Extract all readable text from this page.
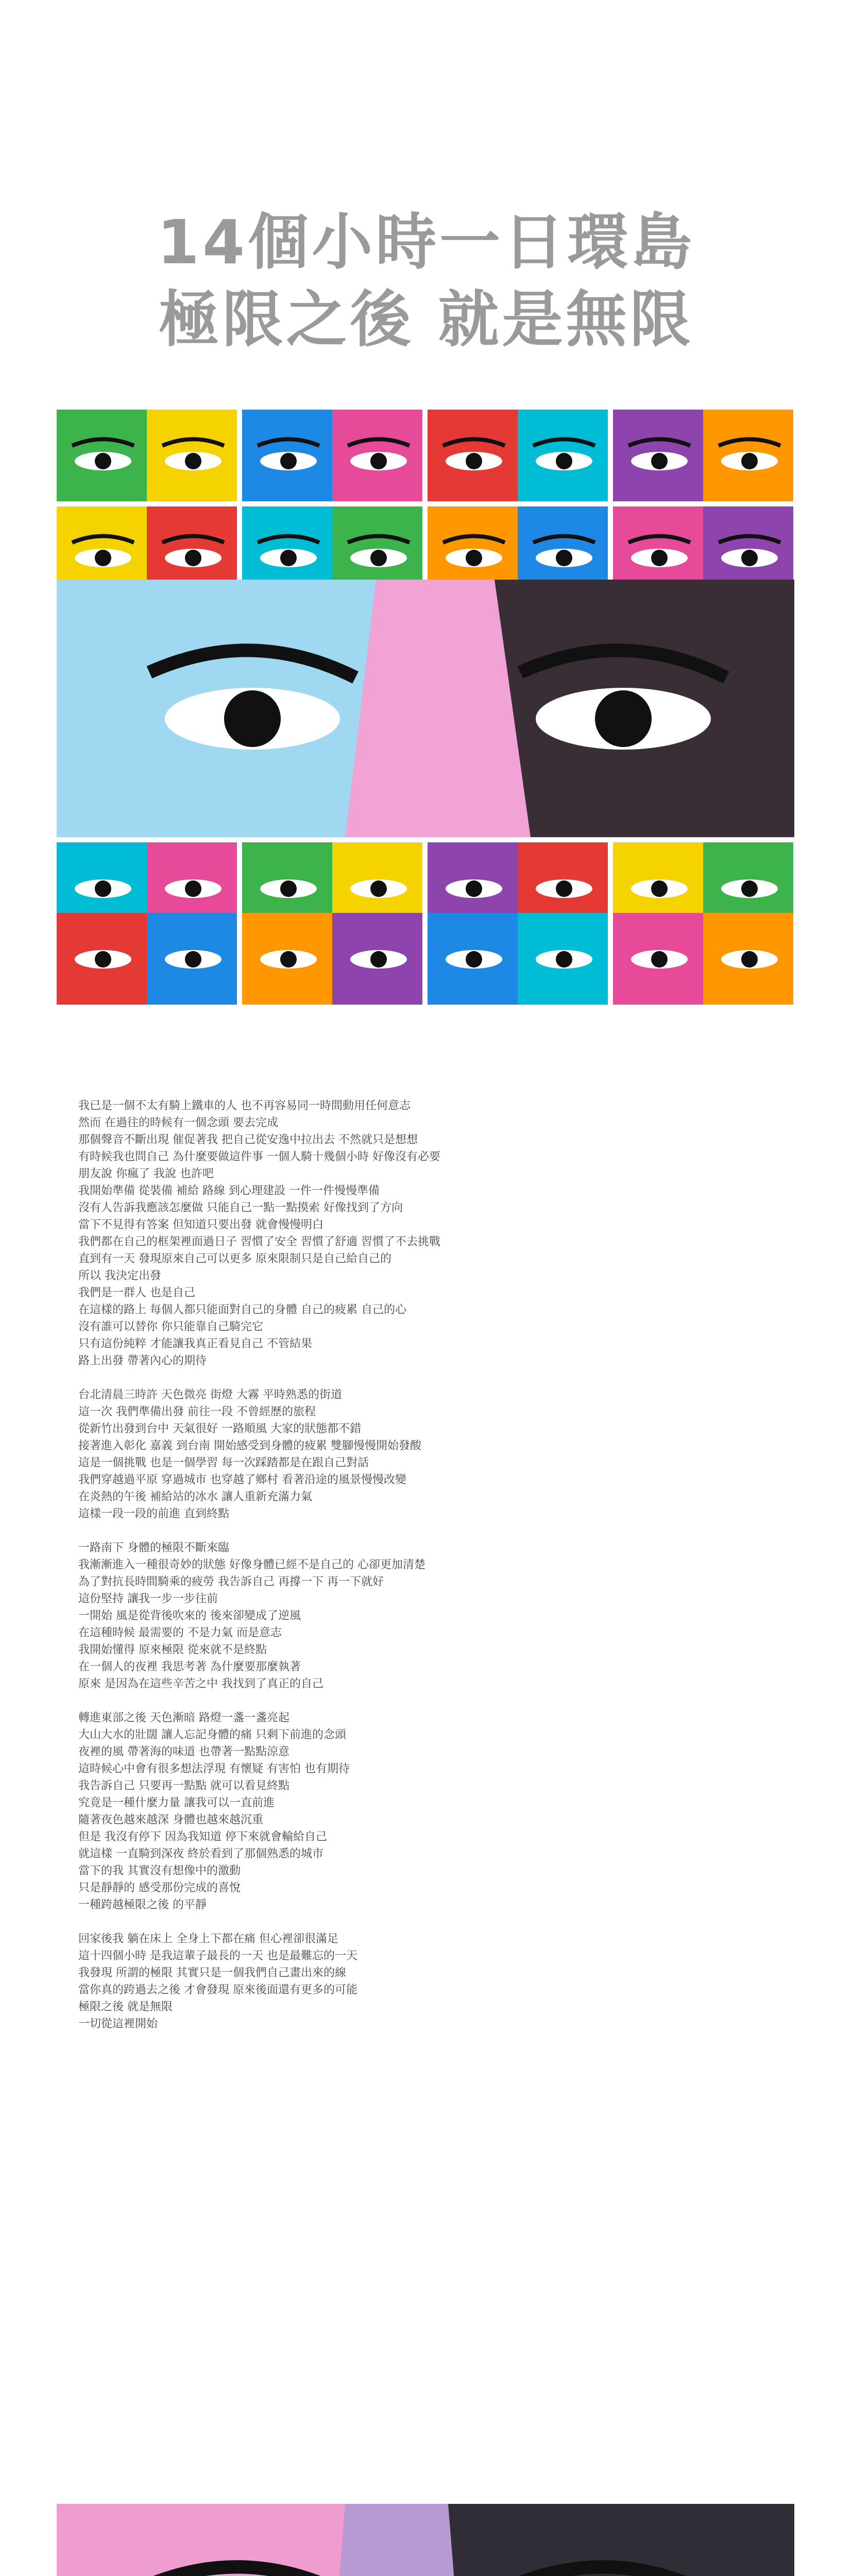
14個小時一日環島
極限之後 就是無限

我已是一個不太有騎上鐵車的人 也不再容易同一時間動用任何意志
然而 在過往的時候有一個念頭 要去完成
那個聲音不斷出現 催促著我 把自己從安逸中拉出去 不然就只是想想
有時候我也問自己 為什麼要做這件事 一個人騎十幾個小時 好像沒有必要
朋友說 你瘋了 我說 也許吧
我開始準備 從裝備 補給 路線 到心理建設 一件一件慢慢準備
沒有人告訴我應該怎麼做 只能自己一點一點摸索 好像找到了方向
當下不見得有答案 但知道只要出發 就會慢慢明白
我們都在自己的框架裡面過日子 習慣了安全 習慣了舒適 習慣了不去挑戰
直到有一天 發現原來自己可以更多 原來限制只是自己給自己的
所以 我決定出發
我們是一群人 也是自己
在這樣的路上 每個人都只能面對自己的身體 自己的疲累 自己的心
沒有誰可以替你 你只能靠自己騎完它
只有這份純粹 才能讓我真正看見自己 不管結果
路上出發 帶著內心的期待

台北清晨三時許 天色微亮 街燈 大霧 平時熟悉的街道
這一次 我們準備出發 前往一段 不曾經歷的旅程
從新竹出發到台中 天氣很好 一路順風 大家的狀態都不錯
接著進入彰化 嘉義 到台南 開始感受到身體的疲累 雙腳慢慢開始發酸
這是一個挑戰 也是一個學習 每一次踩踏都是在跟自己對話
我們穿越過平原 穿過城市 也穿越了鄉村 看著沿途的風景慢慢改變
在炎熱的午後 補給站的冰水 讓人重新充滿力氣
這樣一段一段的前進 直到終點

一路南下 身體的極限不斷來臨
我漸漸進入一種很奇妙的狀態 好像身體已經不是自己的 心卻更加清楚
為了對抗長時間騎乘的疲勞 我告訴自己 再撐一下 再一下就好
這份堅持 讓我一步一步往前
一開始 風是從背後吹來的 後來卻變成了逆風
在這種時候 最需要的 不是力氣 而是意志
我開始懂得 原來極限 從來就不是終點
在一個人的夜裡 我思考著 為什麼要那麼執著
原來 是因為在這些辛苦之中 我找到了真正的自己

轉進東部之後 天色漸暗 路燈一盞一盞亮起
大山大水的壯闊 讓人忘記身體的痛 只剩下前進的念頭
夜裡的風 帶著海的味道 也帶著一點點涼意
這時候心中會有很多想法浮現 有懷疑 有害怕 也有期待
我告訴自己 只要再一點點 就可以看見終點
究竟是一種什麼力量 讓我可以一直前進
隨著夜色越來越深 身體也越來越沉重
但是 我沒有停下 因為我知道 停下來就會輸給自己
就這樣 一直騎到深夜 終於看到了那個熟悉的城市
當下的我 其實沒有想像中的激動
只是靜靜的 感受那份完成的喜悅
一種跨越極限之後 的平靜

回家後我 躺在床上 全身上下都在痛 但心裡卻很滿足
這十四個小時 是我這輩子最長的一天 也是最難忘的一天
我發現 所謂的極限 其實只是一個我們自己畫出來的線
當你真的跨過去之後 才會發現 原來後面還有更多的可能
極限之後 就是無限
一切從這裡開始
